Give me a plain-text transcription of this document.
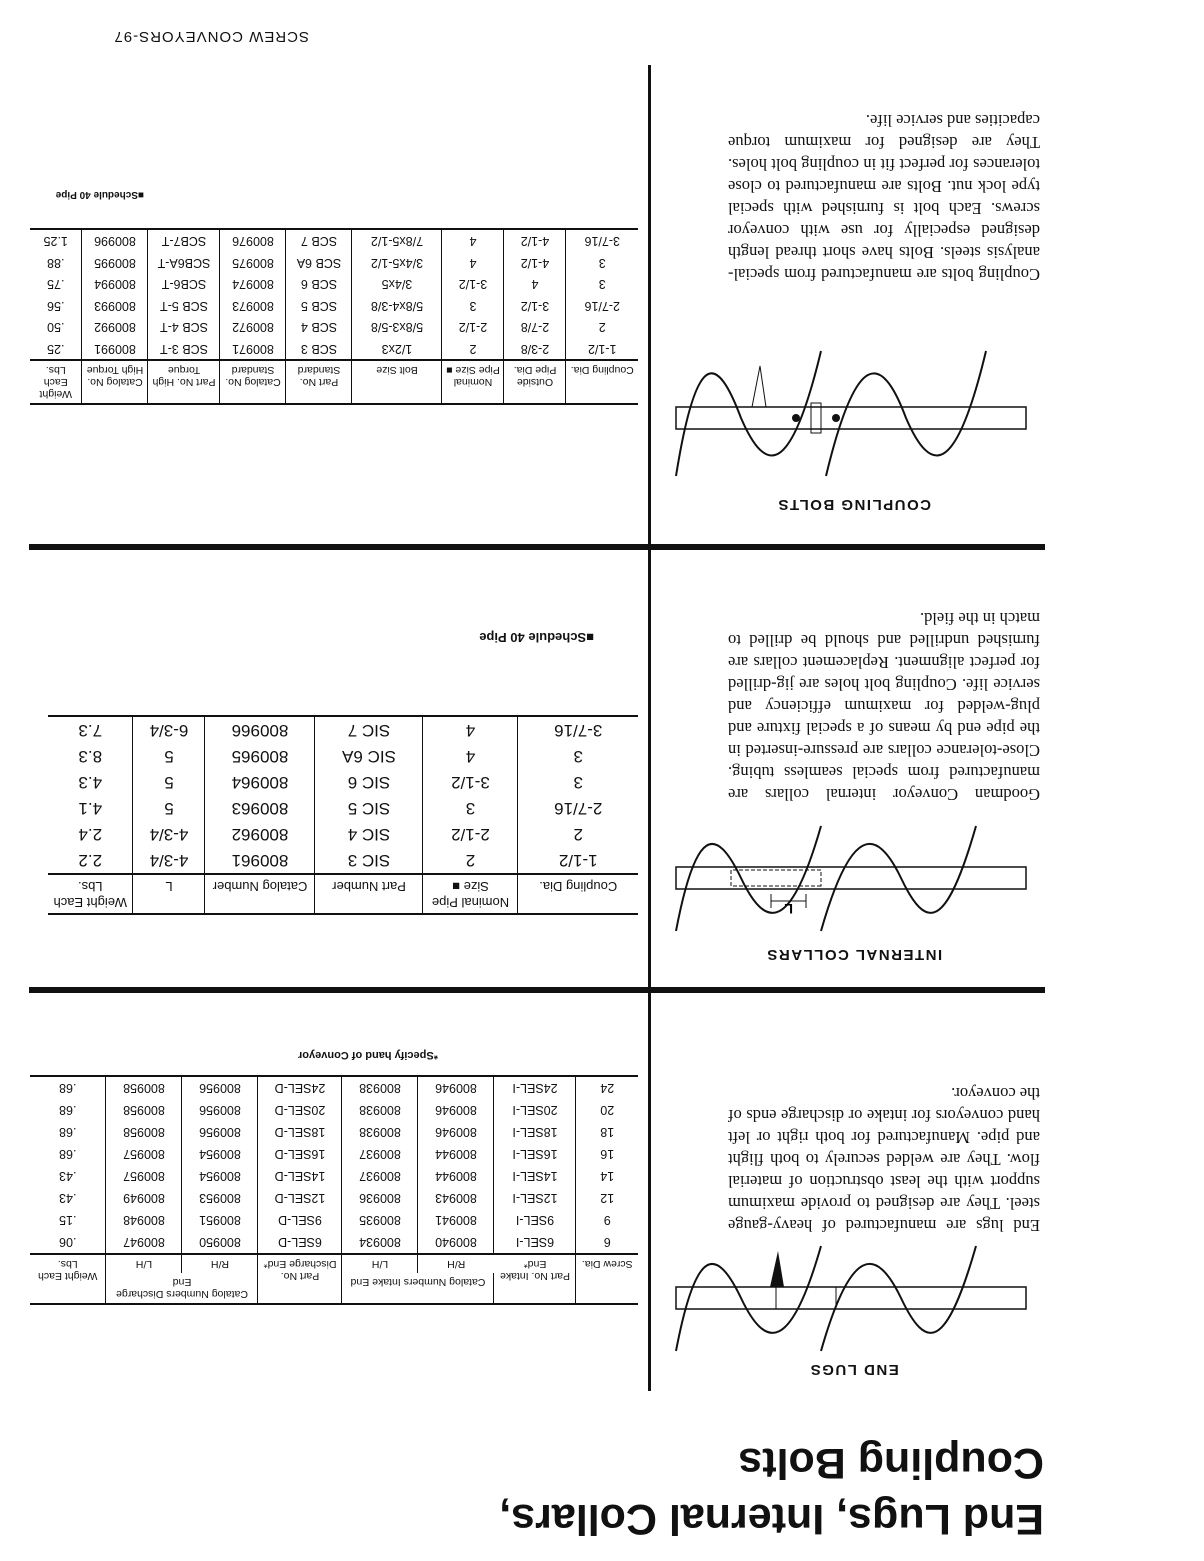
End Lugs, Internal Collars, Coupling Bolts
END LUGS
End lugs are manufactured of heavy-gauge steel. They are designed to provide maximum support with the least obstruction of material flow. They are welded securely to both flight and pipe. Manufactured for both right or left hand conveyors for intake or discharge ends of the conveyor.
Screw Dia.	Part No. Intake End*	Catalog Numbers Intake End		Part No. Discharge End*	Catalog Numbers Discharge End		Weight Each Lbs.
		R/H	L/H		R/H	L/H	
6	6SEL-I	800940	800934	6SEL-D	800950	800947	.06
9	9SEL-I	800941	800935	9SEL-D	800951	800948	.15
12	12SEL-I	800943	800936	12SEL-D	800953	800949	.43
14	14SEL-I	800944	800937	14SEL-D	800954	800957	.43
16	16SEL-I	800944	800937	16SEL-D	800954	800957	.68
18	18SEL-I	800946	800938	18SEL-D	800956	800958	.68
20	20SEL-I	800946	800938	20SEL-D	800956	800958	.68
24	24SEL-I	800946	800938	24SEL-D	800956	800958	.68
*Specify hand of Conveyor
INTERNAL COLLARS
L
Goodman Conveyor internal collars are manufactured from special seamless tubing. Close-tolerance collars are pressure-inserted in the pipe end by means of a special fixture and plug-welded for maximum efficiency and service life. Coupling bolt holes are jig-drilled for perfect alignment. Replacement collars are furnished undrilled and should be drilled to match in the field.
Coupling Dia.	Nominal Pipe Size ■	Part Number	Catalog Number	L	Weight Each Lbs.
1-1/2	2	SIC 3	800961	4-3/4	2.2
2	2-1/2	SIC 4	800962	4-3/4	2.4
2-7/16	3	SIC 5	800963	5	4.1
3	3-1/2	SIC 6	800964	5	4.3
3	4	SIC 6A	800965	5	8.3
3-7/16	4	SIC 7	800966	6-3/4	7.3
■Schedule 40 Pipe
COUPLING BOLTS
Coupling bolts are manufactured from special-analysis steels. Bolts have short thread length designed especially for use with conveyor screws. Each bolt is furnished with special type lock nut. Bolts are manufactured to close tolerances for perfect fit in coupling bolt holes. They are designed for maximum torque capacities and service life.
Coupling Dia.	Outside Pipe Dia.	Nominal Pipe Size ■	Bolt Size	Part No. Standard	Catalog No. Standard	Part No. High Torque	Catalog No. High Torque	Weight Each Lbs.
1-1/2	2-3/8	2	1/2x3	SCB 3	800971	SCB 3-T	800991	.25
2	2-7/8	2-1/2	5/8x3-5/8	SCB 4	800972	SCB 4-T	800992	.50
2-7/16	3-1/2	3	5/8x4-3/8	SCB 5	800973	SCB 5-T	800993	.56
3	4	3-1/2	3/4x5	SCB 6	800974	SCB6-T	800994	.75
3	4-1/2	4	3/4x5-1/2	SCB 6A	800975	SCB6A-T	800995	.88
3-7/16	4-1/2	4	7/8x5-1/2	SCB 7	800976	SCB7-T	800996	1.25
■Schedule 40 Pipe
SCREW CONVEYORS-97
